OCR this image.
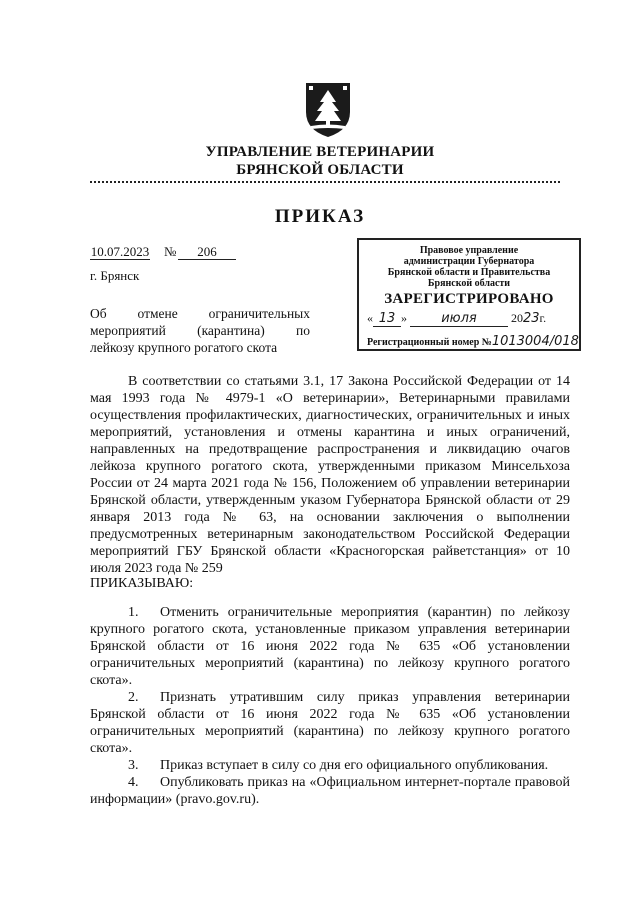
УПРАВЛЕНИЕ ВЕТЕРИНАРИИ
БРЯНСКОЙ ОБЛАСТИ
ПРИКАЗ
10.07.2023 № 206
г. Брянск
Об отмене ограничительных
мероприятий (карантина) по
лейкозу крупного рогатого скота
Правовое управление
администрации Губернатора
Брянской области и Правительства
Брянской области
ЗАРЕГИСТРИРОВАНО
« 13 »	июля	2023г.
Регистрационный номер №1013004/018

В соответствии со статьями 3.1, 17 Закона Российской Федерации от 14 мая 1993 года № 4979-1 «О ветеринарии», Ветеринарными правилами осуществления профилактических, диагностических, ограничительных и иных мероприятий, установления и отмены карантина и иных ограничений, направленных на предотвращение распространения и ликвидацию очагов лейкоза крупного рогатого скота, утвержденными приказом Минсельхоза России от 24 марта 2021 года № 156, Положением об управлении ветеринарии Брянской области, утвержденным указом Губернатора Брянской области от 29 января 2013 года № 63, на основании заключения о выполнении предусмотренных ветеринарным законодательством Российской Федерации мероприятий ГБУ Брянской области «Красногорская райветстанция» от 10 июля 2023 года № 259

ПРИКАЗЫВАЮ:

1. Отменить ограничительные мероприятия (карантин) по лейкозу крупного рогатого скота, установленные приказом управления ветеринарии Брянской области от 16 июня 2022 года № 635 «Об установлении ограничительных мероприятий (карантина) по лейкозу крупного рогатого скота».

2. Признать утратившим силу приказ управления ветеринарии Брянской области от 16 июня 2022 года № 635 «Об установлении ограничительных мероприятий (карантина) по лейкозу крупного рогатого скота».

3. Приказ вступает в силу со дня его официального опубликования.

4. Опубликовать приказ на «Официальном интернет-портале правовой информации» (pravo.gov.ru).
